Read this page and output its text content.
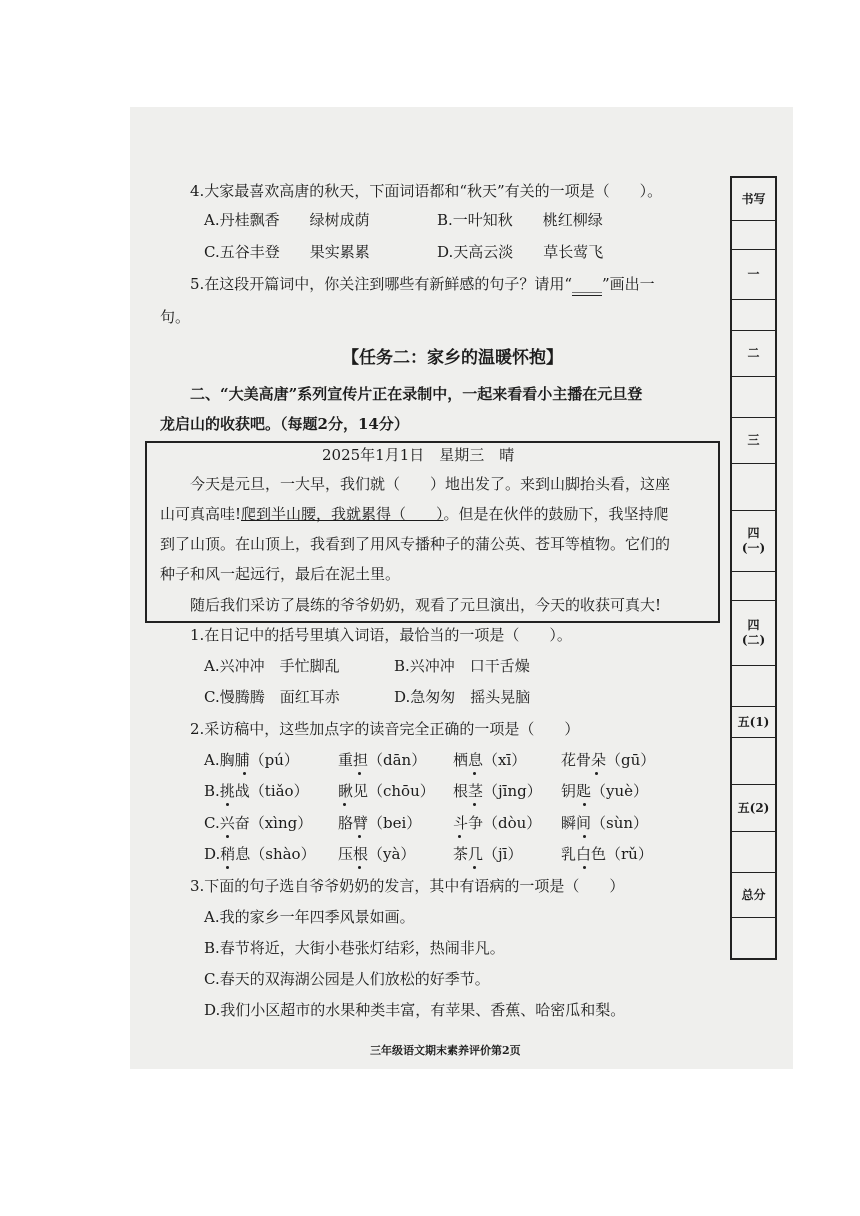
4.大家最喜欢高唐的秋天，下面词语都和“秋天”有关的一项是（　　）。
A.丹桂飘香　　绿树成荫	B.一叶知秋　　桃红柳绿
C.五谷丰登　　果实累累	D.天高云淡　　草长莺飞
5.在这段开篇词中，你关注到哪些有新鲜感的句子？请用“____”画出一
句。
【任务二：家乡的温暖怀抱】
二、“大美高唐”系列宣传片正在录制中，一起来看看小主播在元旦登
龙启山的收获吧。（每题2分，14分）
2025年1月1日　星期三　晴
今天是元旦，一大早，我们就（　　）地出发了。来到山脚抬头看，这座
山可真高哇!爬到半山腰，我就累得（　　）。但是在伙伴的鼓励下，我坚持爬
到了山顶。在山顶上，我看到了用风专播种子的蒲公英、苍耳等植物。它们的
种子和风一起远行，最后在泥土里。
随后我们采访了晨练的爷爷奶奶，观看了元旦演出，今天的收获可真大!
1.在日记中的括号里填入词语，最恰当的一项是（　　）。
A.兴冲冲　手忙脚乱	B.兴冲冲　口干舌燥
C.慢腾腾　面红耳赤	D.急匆匆　摇头晃脑
2.采访稿中，这些加点字的读音完全正确的一项是（　　）
A.胸脯（pú）	重担（dān） 栖息（xī） 花骨朵（gū）
B.挑战（tiǎo） 瞅见（chōu） 根茎（jīng） 钥匙（yuè）
C.兴奋（xìng） 胳臂（bei） 斗争（dòu） 瞬间（sùn）
D.稍息（shào） 压根（yà）	茶几（jī）	乳白色（rǔ）
3.下面的句子选自爷爷奶奶的发言，其中有语病的一项是（　　）
A.我的家乡一年四季风景如画。
B.春节将近，大街小巷张灯结彩，热闹非凡。
C.春天的双海湖公园是人们放松的好季节。
D.我们小区超市的水果种类丰富，有苹果、香蕉、哈密瓜和梨。
书写
一
二
三
四
(一)
四
(二)
五(1)
五(2)
总分
三年级语文期末素养评价第2页
